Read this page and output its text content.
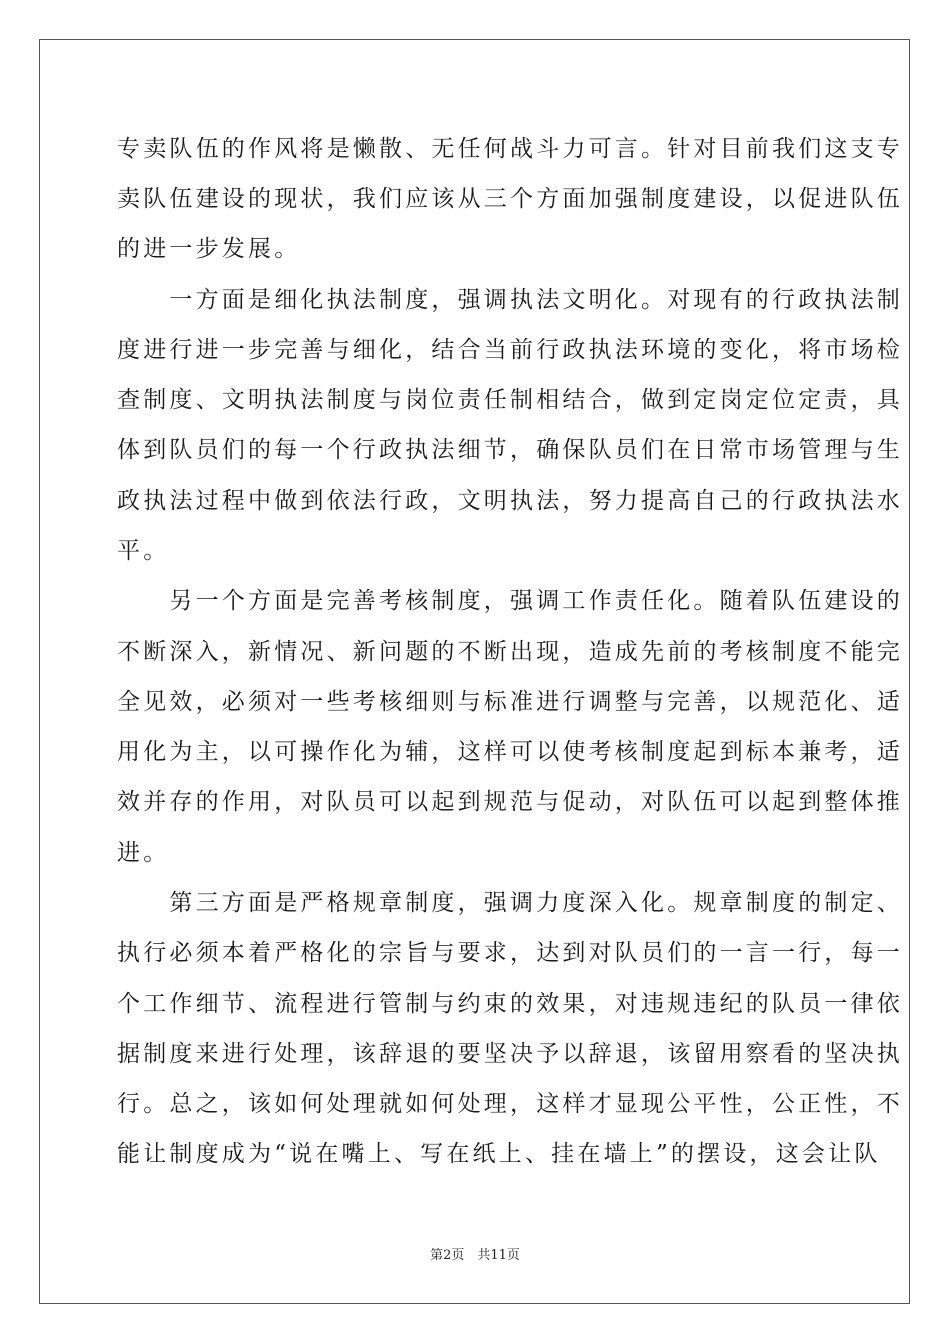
专卖队伍的作风将是懒散、无任何战斗力可言。针对目前我们这支专
卖队伍建设的现状，我们应该从三个方面加强制度建设，以促进队伍
的进一步发展。
　　一方面是细化执法制度，强调执法文明化。对现有的行政执法制
度进行进一步完善与细化，结合当前行政执法环境的变化，将市场检
查制度、文明执法制度与岗位责任制相结合，做到定岗定位定责，具
体到队员们的每一个行政执法细节，确保队员们在日常市场管理与生
政执法过程中做到依法行政，文明执法，努力提高自己的行政执法水
平。
　　另一个方面是完善考核制度，强调工作责任化。随着队伍建设的
不断深入，新情况、新问题的不断出现，造成先前的考核制度不能完
全见效，必须对一些考核细则与标准进行调整与完善，以规范化、适
用化为主，以可操作化为辅，这样可以使考核制度起到标本兼考，适
效并存的作用，对队员可以起到规范与促动，对队伍可以起到整体推
进。
　　第三方面是严格规章制度，强调力度深入化。规章制度的制定、
执行必须本着严格化的宗旨与要求，达到对队员们的一言一行，每一
个工作细节、流程进行管制与约束的效果，对违规违纪的队员一律依
据制度来进行处理，该辞退的要坚决予以辞退，该留用察看的坚决执
行。总之，该如何处理就如何处理，这样才显现公平性，公正性，不
能让制度成为“说在嘴上、写在纸上、挂在墙上”的摆设，这会让队
第2页　共11页
